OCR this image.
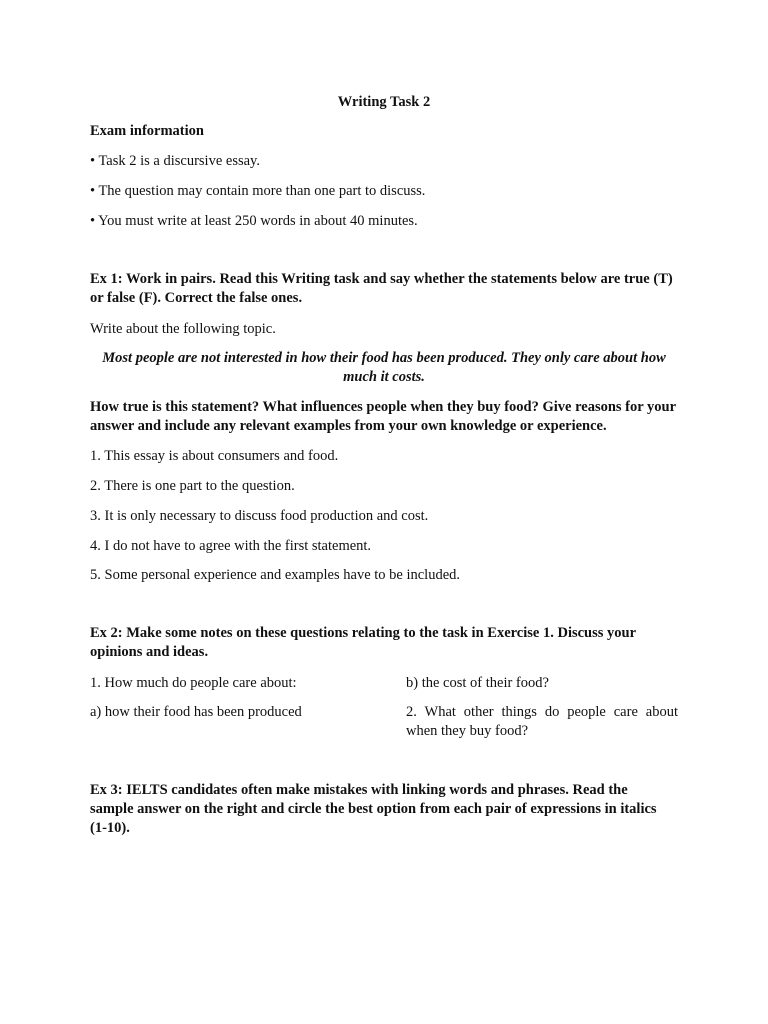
Writing Task 2
Exam information
• Task 2 is a discursive essay.
• The question may contain more than one part to discuss.
• You must write at least 250 words in about 40 minutes.
Ex 1: Work in pairs. Read this Writing task and say whether the statements below are true (T) or false (F). Correct the false ones.
Write about the following topic.
Most people are not interested in how their food has been produced. They only care about how much it costs.
How true is this statement? What influences people when they buy food? Give reasons for your answer and include any relevant examples from your own knowledge or experience.
1. This essay is about consumers and food.
2. There is one part to the question.
3. It is only necessary to discuss food production and cost.
4. I do not have to agree with the first statement.
5. Some personal experience and examples have to be included.
Ex 2: Make some notes on these questions relating to the task in Exercise 1. Discuss your opinions and ideas.
1. How much do people care about:	b) the cost of their food?
a) how their food has been produced	2. What other things do people care about when they buy food?
Ex 3: IELTS candidates often make mistakes with linking words and phrases. Read the sample answer on the right and circle the best option from each pair of expressions in italics (1-10).
